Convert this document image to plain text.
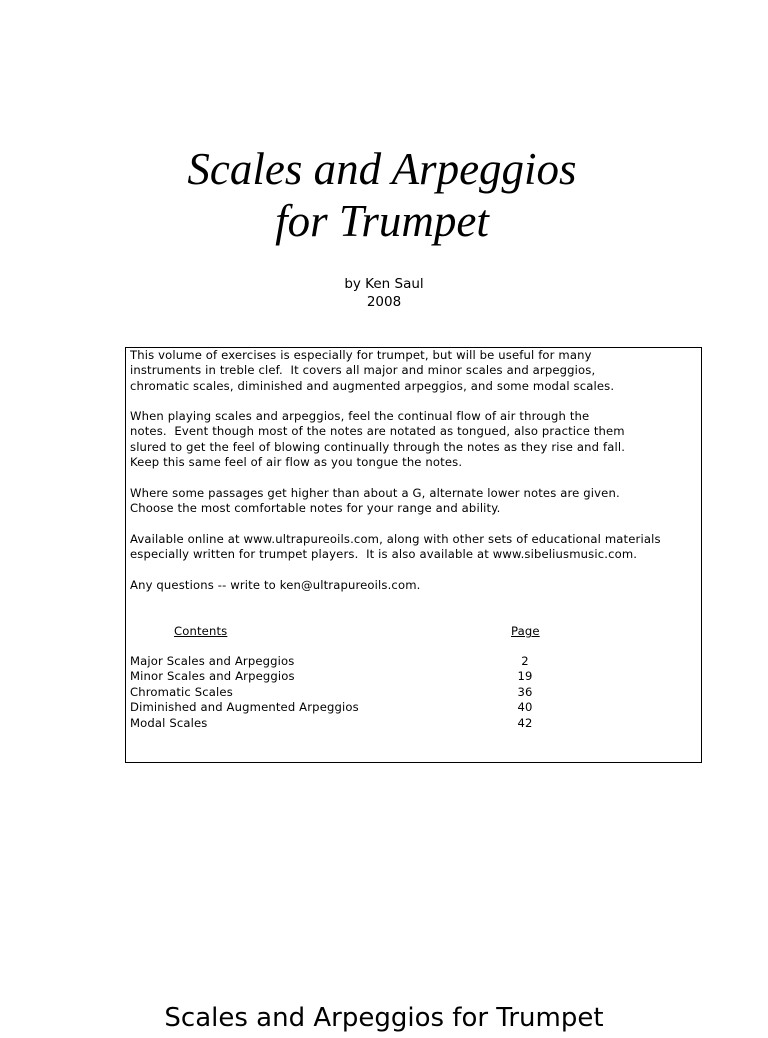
Scales and Arpeggios
for Trumpet
by Ken Saul
2008

This volume of exercises is especially for trumpet, but will be useful for many
instruments in treble clef.  It covers all major and minor scales and arpeggios,
chromatic scales, diminished and augmented arpeggios, and some modal scales.

When playing scales and arpeggios, feel the continual flow of air through the
notes.  Event though most of the notes are notated as tongued, also practice them
slured to get the feel of blowing continually through the notes as they rise and fall.
Keep this same feel of air flow as you tongue the notes.

Where some passages get higher than about a G, alternate lower notes are given.
Choose the most comfortable notes for your range and ability.

Available online at www.ultrapureoils.com, along with other sets of educational materials
especially written for trumpet players.  It is also available at www.sibeliusmusic.com.

Any questions -- write to ken@ultrapureoils.com.

Contents	Page
Major Scales and Arpeggios	2
Minor Scales and Arpeggios	19
Chromatic Scales	36
Diminished and Augmented Arpeggios	40
Modal Scales	42
Scales and Arpeggios for Trumpet
